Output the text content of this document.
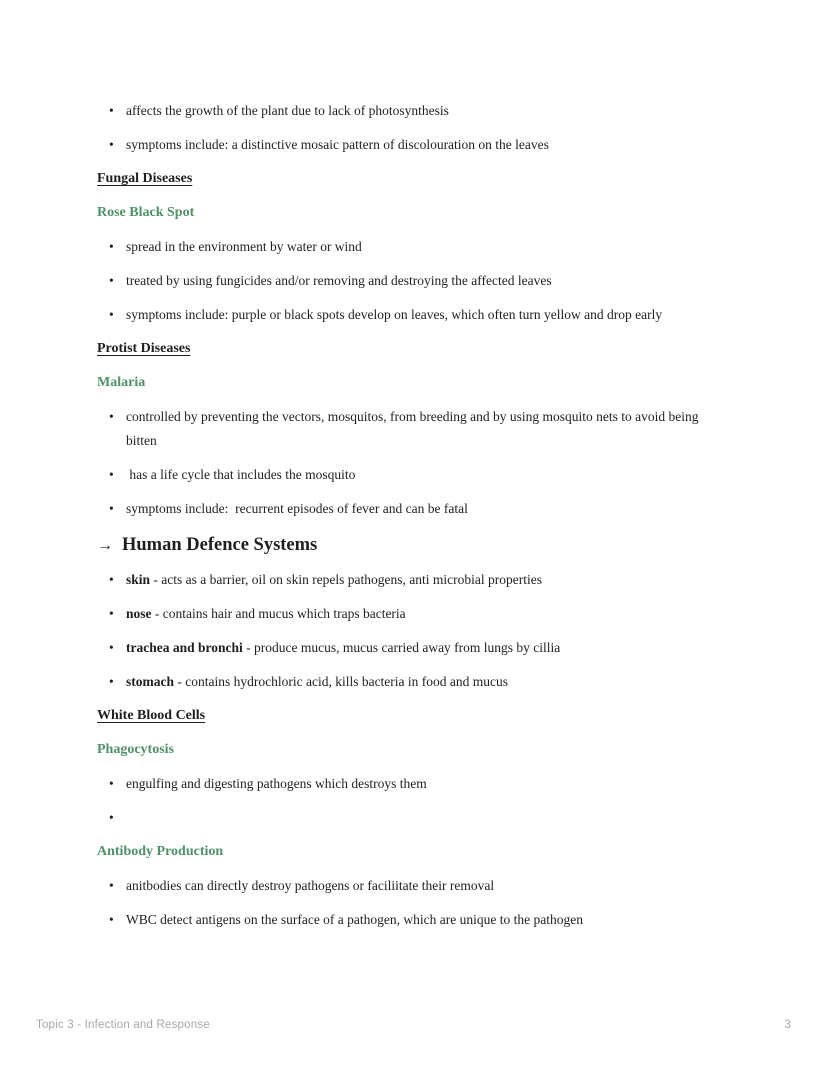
• affects the growth of the plant due to lack of photosynthesis
• symptoms include: a distinctive mosaic pattern of discolouration on the leaves
Fungal Diseases
Rose Black Spot
• spread in the environment by water or wind
• treated by using fungicides and/or removing and destroying the affected leaves
• symptoms include: purple or black spots develop on leaves, which often turn yellow and drop early
Protist Diseases
Malaria
• controlled by preventing the vectors, mosquitos, from breeding and by using mosquito nets to avoid being bitten
• has a life cycle that includes the mosquito
• symptoms include:  recurrent episodes of fever and can be fatal
→ Human Defence Systems
• skin - acts as a barrier, oil on skin repels pathogens, anti microbial properties
• nose - contains hair and mucus which traps bacteria
• trachea and bronchi - produce mucus, mucus carried away from lungs by cillia
• stomach - contains hydrochloric acid, kills bacteria in food and mucus
White Blood Cells
Phagocytosis
• engulfing and digesting pathogens which destroys them
•
Antibody Production
• anitbodies can directly destroy pathogens or faciliitate their removal
• WBC detect antigens on the surface of a pathogen, which are unique to the pathogen
Topic 3 - Infection and Response	3
